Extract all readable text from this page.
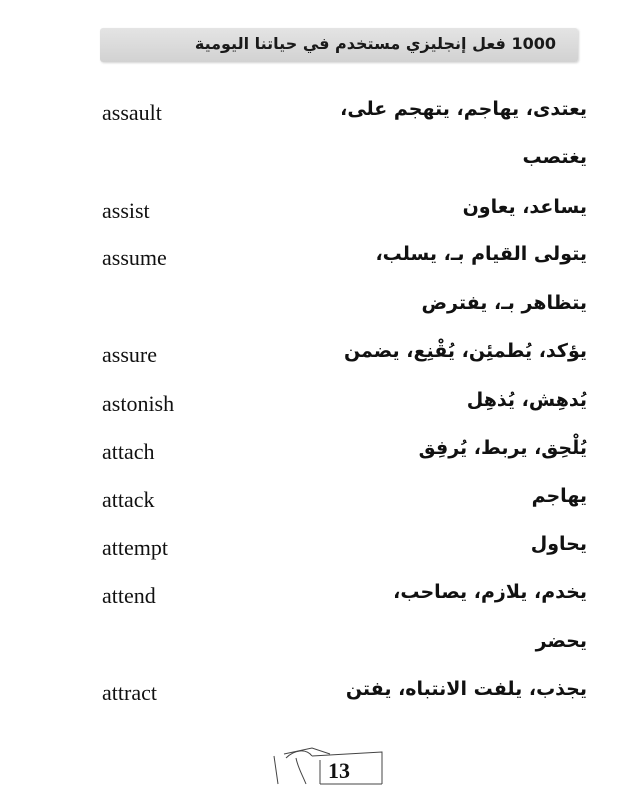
1000 فعل إنجليزي مستخدم في حياتنا اليومية
assault	يعتدى، يهاجم، يتهجم على،
يغتصب
assist	يساعد، يعاون
assume	يتولى القيام بـ، يسلب،
يتظاهر بـ، يفترض
assure	يؤكد، يُطمئِن، يُقْنِع، يضمن
astonish	يُدهِش، يُذهِل
attach	يُلْحِق، يربط، يُرفِق
attack	يهاجم
attempt	يحاول
attend	يخدم، يلازم، يصاحب،
يحضر
attract	يجذب، يلفت الانتباه، يفتن
13
